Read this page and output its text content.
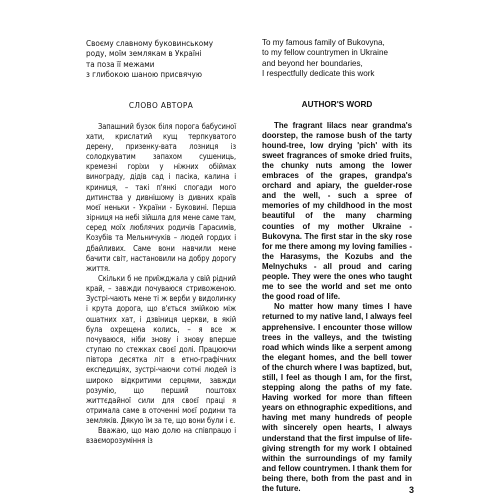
Своєму славному буковинському
роду, моїм землякам в Україні
та поза її межами
з глибокою шаною присвячую
СЛОВО АВТОРА

Запашний бузок біля порога бабусиної хати, крислатий кущ терпкуватого дерену, призенку-вата лозниця із солодкуватим запахом сушениць, кремезні горіхи у ніжних обіймах винограду, дідів сад і пасіка, калина і криниця, – такі п'янкі спогади мого дитинства у дивнішому із дивних країв моєї неньки - України - Буковині. Перша зірниця на небі зійшла для мене саме там, серед моїх люблячих родичів Гарасимів, Козубів та Мельничуків – людей гордих і дбайливих. Саме вони навчили мене бачити світ, настановили на добру дорогу життя.

Скільки б не приїжджала у свій рідний край, – завжди почуваюся стривоженою. Зустрі-чають мене ті ж верби у видолинку і крута дорога, що в'ється змійкою між ошатних хат, і дзвіниця церкви, в якій була охрещена колись, – я все ж почуваюся, ніби знову і знову вперше ступаю по стежках своєї долі. Працюючи півтора десятка літ в етно-графічних експедиціях, зустрі-чаючи сотні людей із широко відкритими серцями, завжди розумію, що перший поштовх життєдайної сили для своєї праці я отримала саме в оточенні моєї родини та земляків. Дякую їм за те, що вони були і є.

Вважаю, що маю долю на співпрацю і взаєморозуміння із

To my famous family of Bukovyna,
to my fellow countrymen in Ukraine
and beyond her boundaries,
I respectfully dedicate this work
AUTHOR'S WORD

The fragrant lilacs near grandma's doorstep, the ramose bush of the tarty hound-tree, low drying 'pich' with its sweet fragrances of smoke dried fruits, the chunky nuts among the lower embraces of the grapes, grandpa's orchard and apiary, the guelder-rose and the well, - such a spree of memories of my childhood in the most beautiful of the many charming counties of my mother Ukraine - Bukovyna. The first star in the sky rose for me there among my loving families - the Harasyms, the Kozubs and the Melnychuks - all proud and caring people. They were the ones who taught me to see the world and set me onto the good road of life.

No matter how many times I have returned to my native land, I always feel apprehensive. I encounter those willow trees in the valleys, and the twisting road which winds like a serpent among the elegant homes, and the bell tower of the church where I was baptized, but, still, I feel as though I am, for the first, stepping along the paths of my fate. Having worked for more than fifteen years on ethnographic expeditions, and having met many hundreds of people with sincerely open hearts, I always understand that the first impulse of life-giving strength for my work I obtained within the surroundings of my family and fellow countrymen. I thank them for being there, both from the past and in the future.	3
